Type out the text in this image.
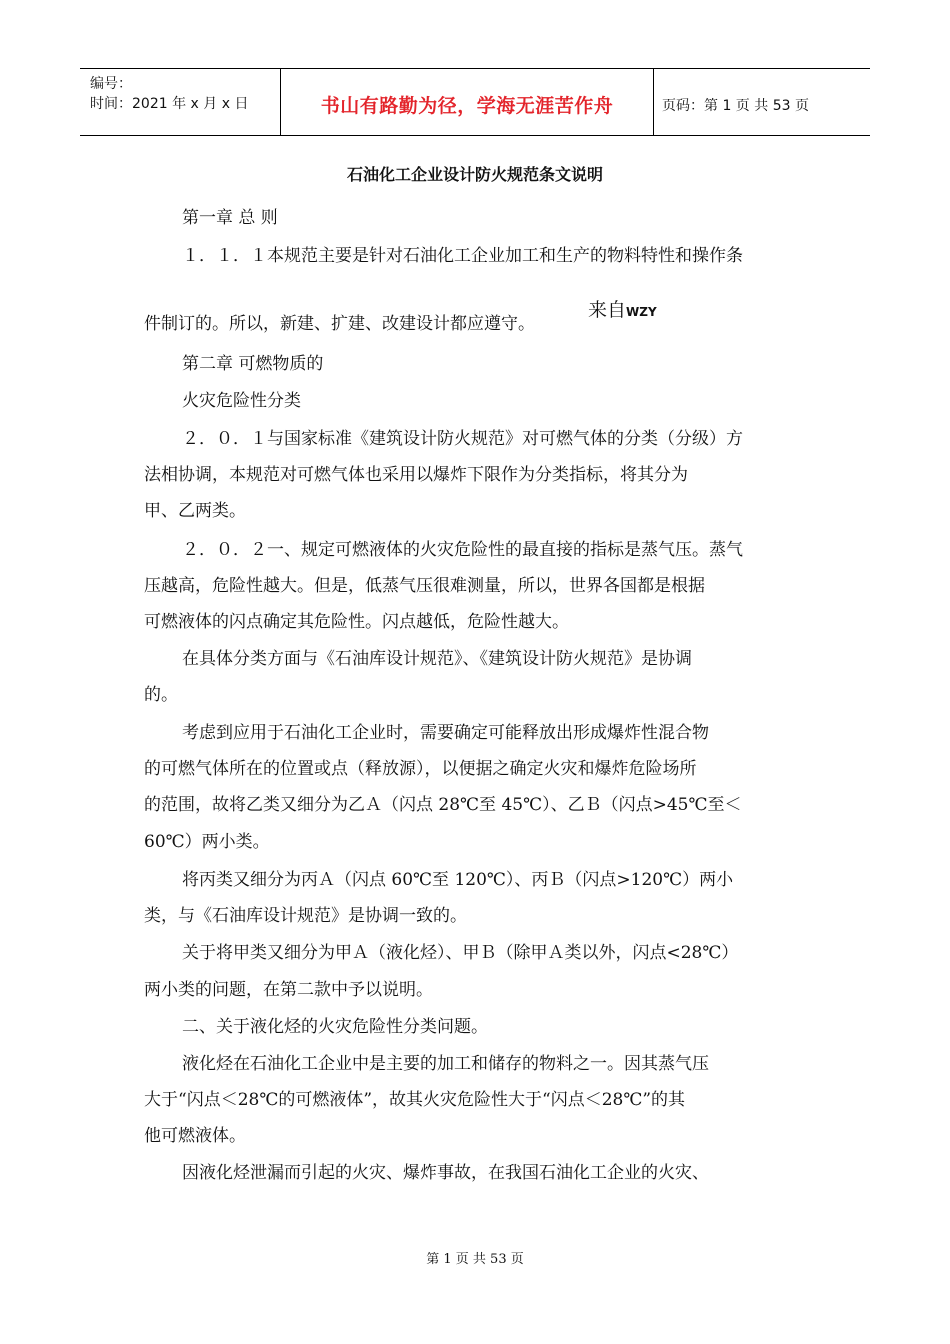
编号：
时间：2021 年 x 月 x 日	书山有路勤为径，学海无涯苦作舟	页码：第 1 页 共 53 页
石油化工企业设计防火规范条文说明
第一章 总 则
１．１．１本规范主要是针对石油化工企业加工和生产的物料特性和操作条
件制订的。所以，新建、扩建、改建设计都应遵守。
来自WZY
第二章 可燃物质的
火灾危险性分类
２．０．１与国家标准《建筑设计防火规范》对可燃气体的分类（分级）方
法相协调，本规范对可燃气体也采用以爆炸下限作为分类指标，将其分为
甲、乙两类。
２．０．２一、规定可燃液体的火灾危险性的最直接的指标是蒸气压。蒸气
压越高，危险性越大。但是，低蒸气压很难测量，所以，世界各国都是根据
可燃液体的闪点确定其危险性。闪点越低，危险性越大。
在具体分类方面与《石油库设计规范》、《建筑设计防火规范》是协调
的。
考虑到应用于石油化工企业时，需要确定可能释放出形成爆炸性混合物
的可燃气体所在的位置或点（释放源），以便据之确定火灾和爆炸危险场所
的范围，故将乙类又细分为乙Ａ（闪点 28℃至 45℃）、乙Ｂ（闪点>45℃至＜
60℃）两小类。
将丙类又细分为丙Ａ（闪点 60℃至 120℃）、丙Ｂ（闪点>120℃）两小
类，与《石油库设计规范》是协调一致的。
关于将甲类又细分为甲Ａ（液化烃）、甲Ｂ（除甲Ａ类以外，闪点<28℃）
两小类的问题，在第二款中予以说明。
二、关于液化烃的火灾危险性分类问题。
液化烃在石油化工企业中是主要的加工和储存的物料之一。因其蒸气压
大于“闪点＜28℃的可燃液体”，故其火灾危险性大于“闪点＜28℃”的其
他可燃液体。
因液化烃泄漏而引起的火灾、爆炸事故，在我国石油化工企业的火灾、
第 1 页 共 53 页
